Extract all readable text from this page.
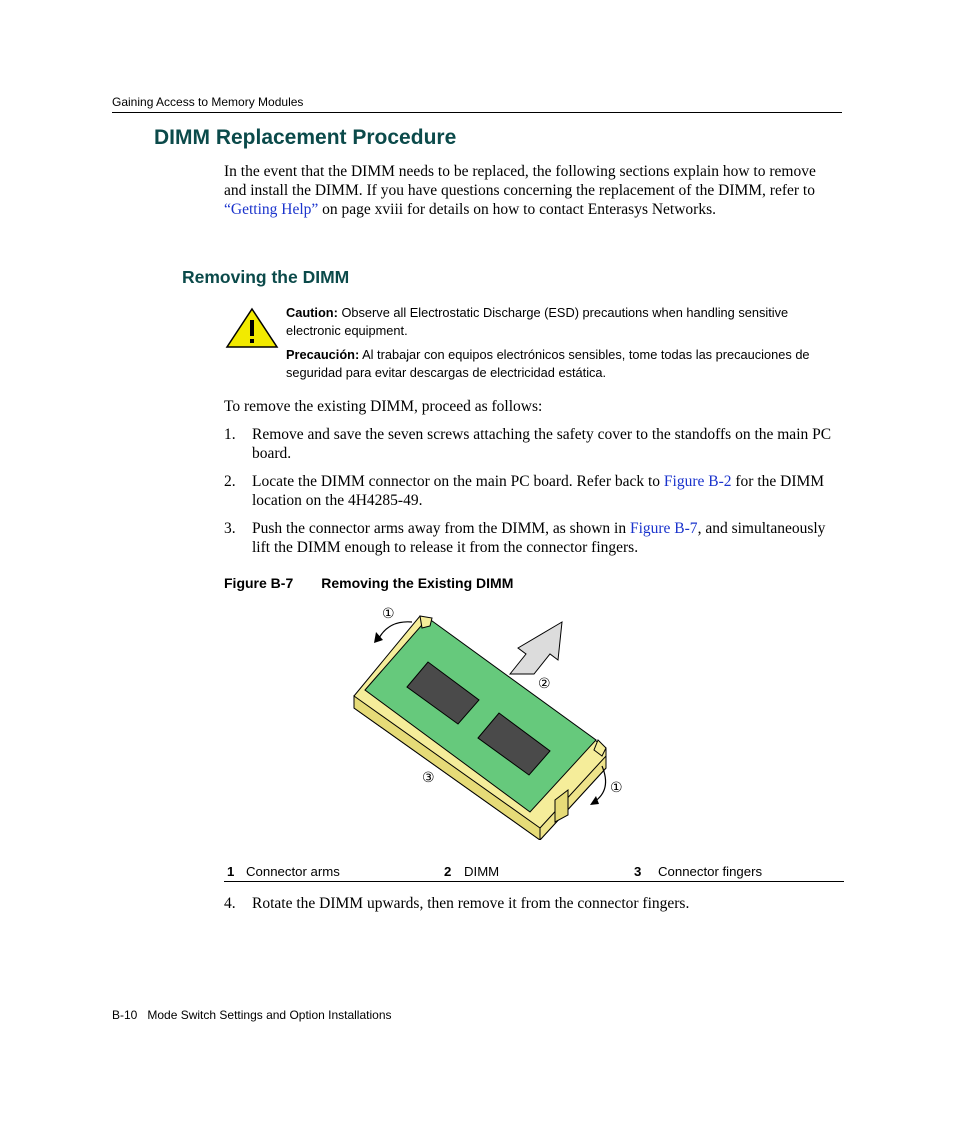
Gaining Access to Memory Modules
DIMM Replacement Procedure
In the event that the DIMM needs to be replaced, the following sections explain how to remove and install the DIMM. If you have questions concerning the replacement of the DIMM, refer to “Getting Help” on page xviii for details on how to contact Enterasys Networks.
Removing the DIMM
Caution: Observe all Electrostatic Discharge (ESD) precautions when handling sensitive electronic equipment.
Precaución: Al trabajar con equipos electrónicos sensibles, tome todas las precauciones de seguridad para evitar descargas de electricidad estática.
To remove the existing DIMM, proceed as follows:
1. Remove and save the seven screws attaching the safety cover to the standoffs on the main PC board.
2. Locate the DIMM connector on the main PC board. Refer back to Figure B-2 for the DIMM location on the 4H4285-49.
3. Push the connector arms away from the DIMM, as shown in Figure B-7, and simultaneously lift the DIMM enough to release it from the connector fingers.
Figure B-7 Removing the Existing DIMM
①
②
③
①
1 Connector arms	2 DIMM	3 Connector fingers
4. Rotate the DIMM upwards, then remove it from the connector fingers.
B-10 Mode Switch Settings and Option Installations
